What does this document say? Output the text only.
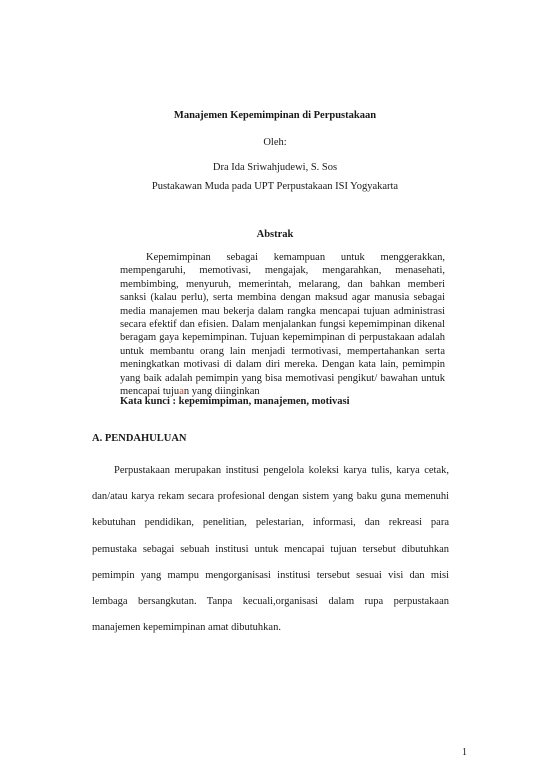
Manajemen Kepemimpinan di Perpustakaan
Oleh:
Dra Ida Sriwahjudewi, S. Sos
Pustakawan Muda pada UPT Perpustakaan ISI Yogyakarta
Abstrak

Kepemimpinan sebagai kemampuan untuk menggerakkan, mempengaruhi, memotivasi, mengajak, mengarahkan, menasehati, membimbing, menyuruh, memerintah, melarang, dan bahkan memberi sanksi (kalau perlu), serta membina dengan maksud agar manusia sebagai media manajemen mau bekerja dalam rangka mencapai tujuan administrasi secara efektif dan efisien. Dalam menjalankan fungsi kepemimpinan dikenal beragam gaya kepemimpinan. Tujuan kepemimpinan di perpustakaan adalah untuk membantu orang lain menjadi termotivasi, mempertahankan serta meningkatkan motivasi di dalam diri mereka. Dengan kata lain, pemimpin yang baik adalah pemimpin yang bisa memotivasi pengikut/ bawahan untuk mencapai tujuan yang diinginkan

Kata kunci : kepemimpiman, manajemen, motivasi
A. PENDAHULUAN

Perpustakaan merupakan institusi pengelola koleksi karya tulis, karya cetak, dan/atau karya rekam secara profesional dengan sistem yang baku guna memenuhi kebutuhan pendidikan, penelitian, pelestarian, informasi, dan rekreasi para pemustaka sebagai sebuah institusi untuk mencapai tujuan tersebut dibutuhkan pemimpin yang mampu mengorganisasi institusi tersebut sesuai visi dan misi lembaga bersangkutan. Tanpa kecuali,organisasi dalam rupa perpustakaan manajemen kepemimpinan amat dibutuhkan.

1
